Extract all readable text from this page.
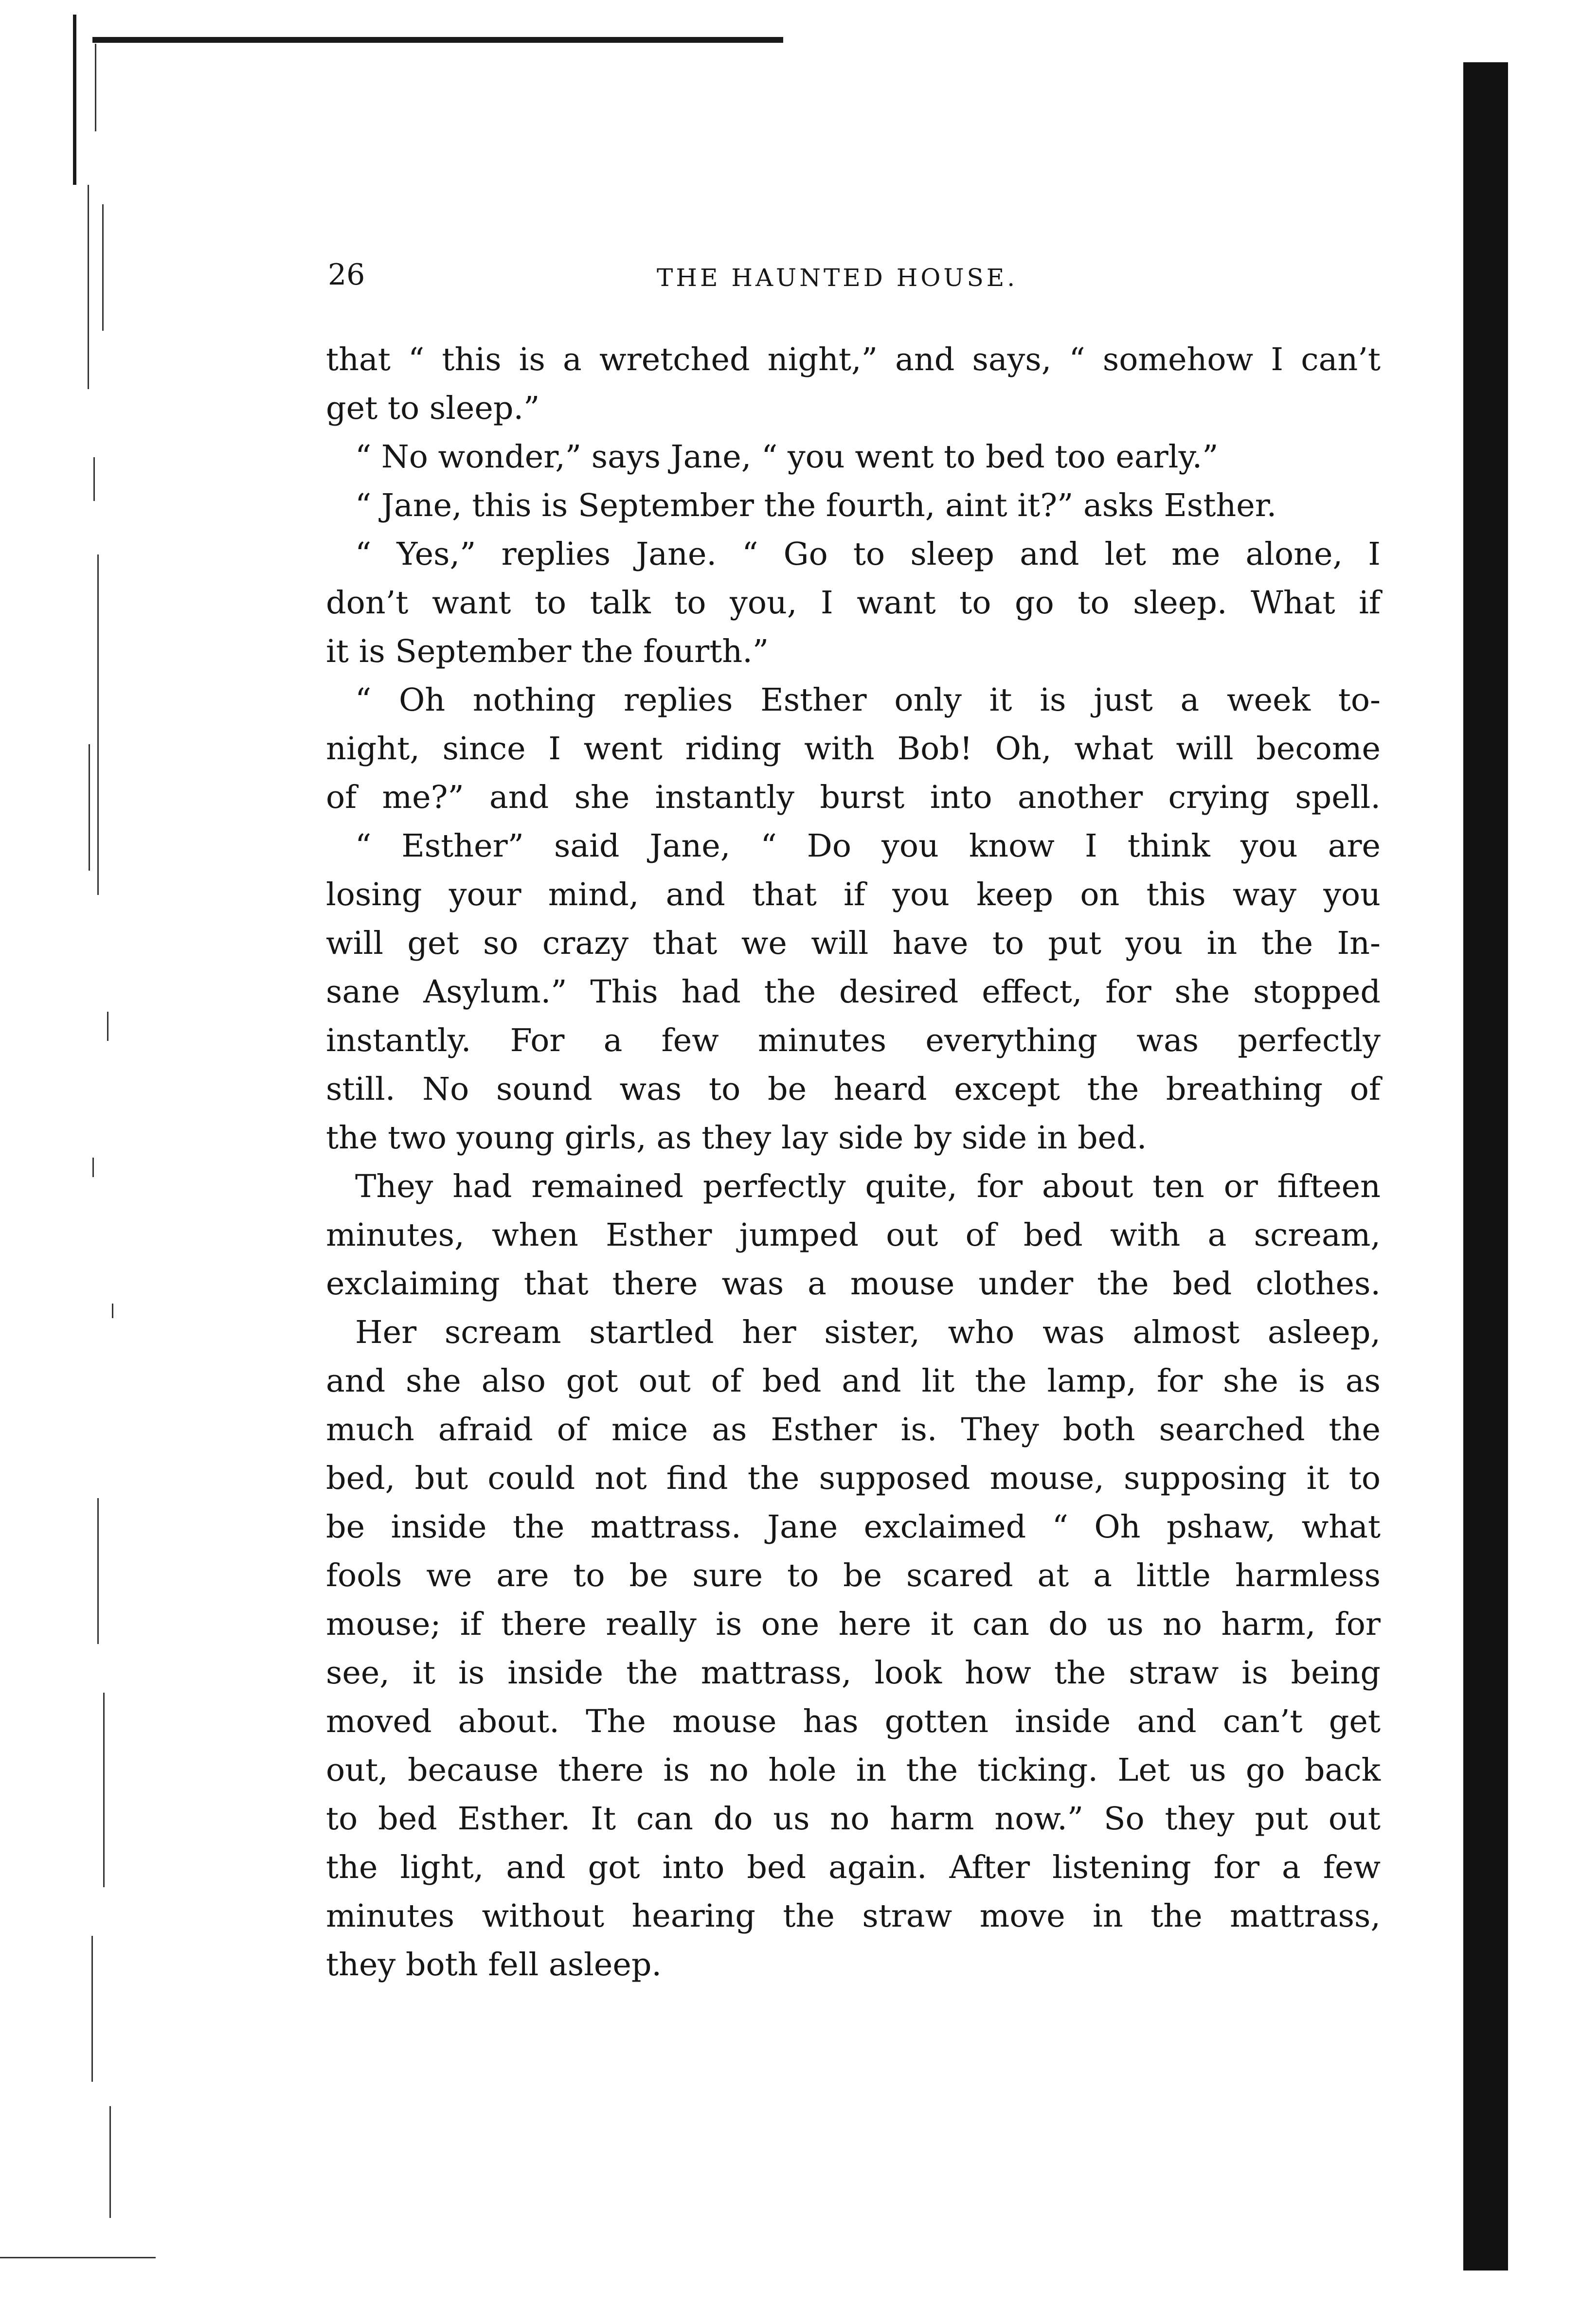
26	THE HAUNTED HOUSE.
that “ this is a wretched night,” and says, “ somehow I can’t
get to sleep.”
“ No wonder,” says Jane, “ you went to bed too early.”
“ Jane, this is September the fourth, aint it?” asks Esther.
“ Yes,” replies Jane. “ Go to sleep and let me alone, I
don’t want to talk to you, I want to go to sleep. What if
it is September the fourth.”
“ Oh nothing replies Esther only it is just a week to-
night, since I went riding with Bob! Oh, what will become
of me?” and she instantly burst into another crying spell.
“ Esther” said Jane, “ Do you know I think you are
losing your mind, and that if you keep on this way you
will get so crazy that we will have to put you in the In-
sane Asylum.” This had the desired effect, for she stopped
instantly. For a few minutes everything was perfectly
still. No sound was to be heard except the breathing of
the two young girls, as they lay side by side in bed.
They had remained perfectly quite, for about ten or fifteen
minutes, when Esther jumped out of bed with a scream,
exclaiming that there was a mouse under the bed clothes.
Her scream startled her sister, who was almost asleep,
and she also got out of bed and lit the lamp, for she is as
much afraid of mice as Esther is. They both searched the
bed, but could not find the supposed mouse, supposing it to
be inside the mattrass. Jane exclaimed “ Oh pshaw, what
fools we are to be sure to be scared at a little harmless
mouse; if there really is one here it can do us no harm, for
see, it is inside the mattrass, look how the straw is being
moved about. The mouse has gotten inside and can’t get
out, because there is no hole in the ticking. Let us go back
to bed Esther. It can do us no harm now.” So they put out
the light, and got into bed again. After listening for a few
minutes without hearing the straw move in the mattrass,
they both fell asleep.
